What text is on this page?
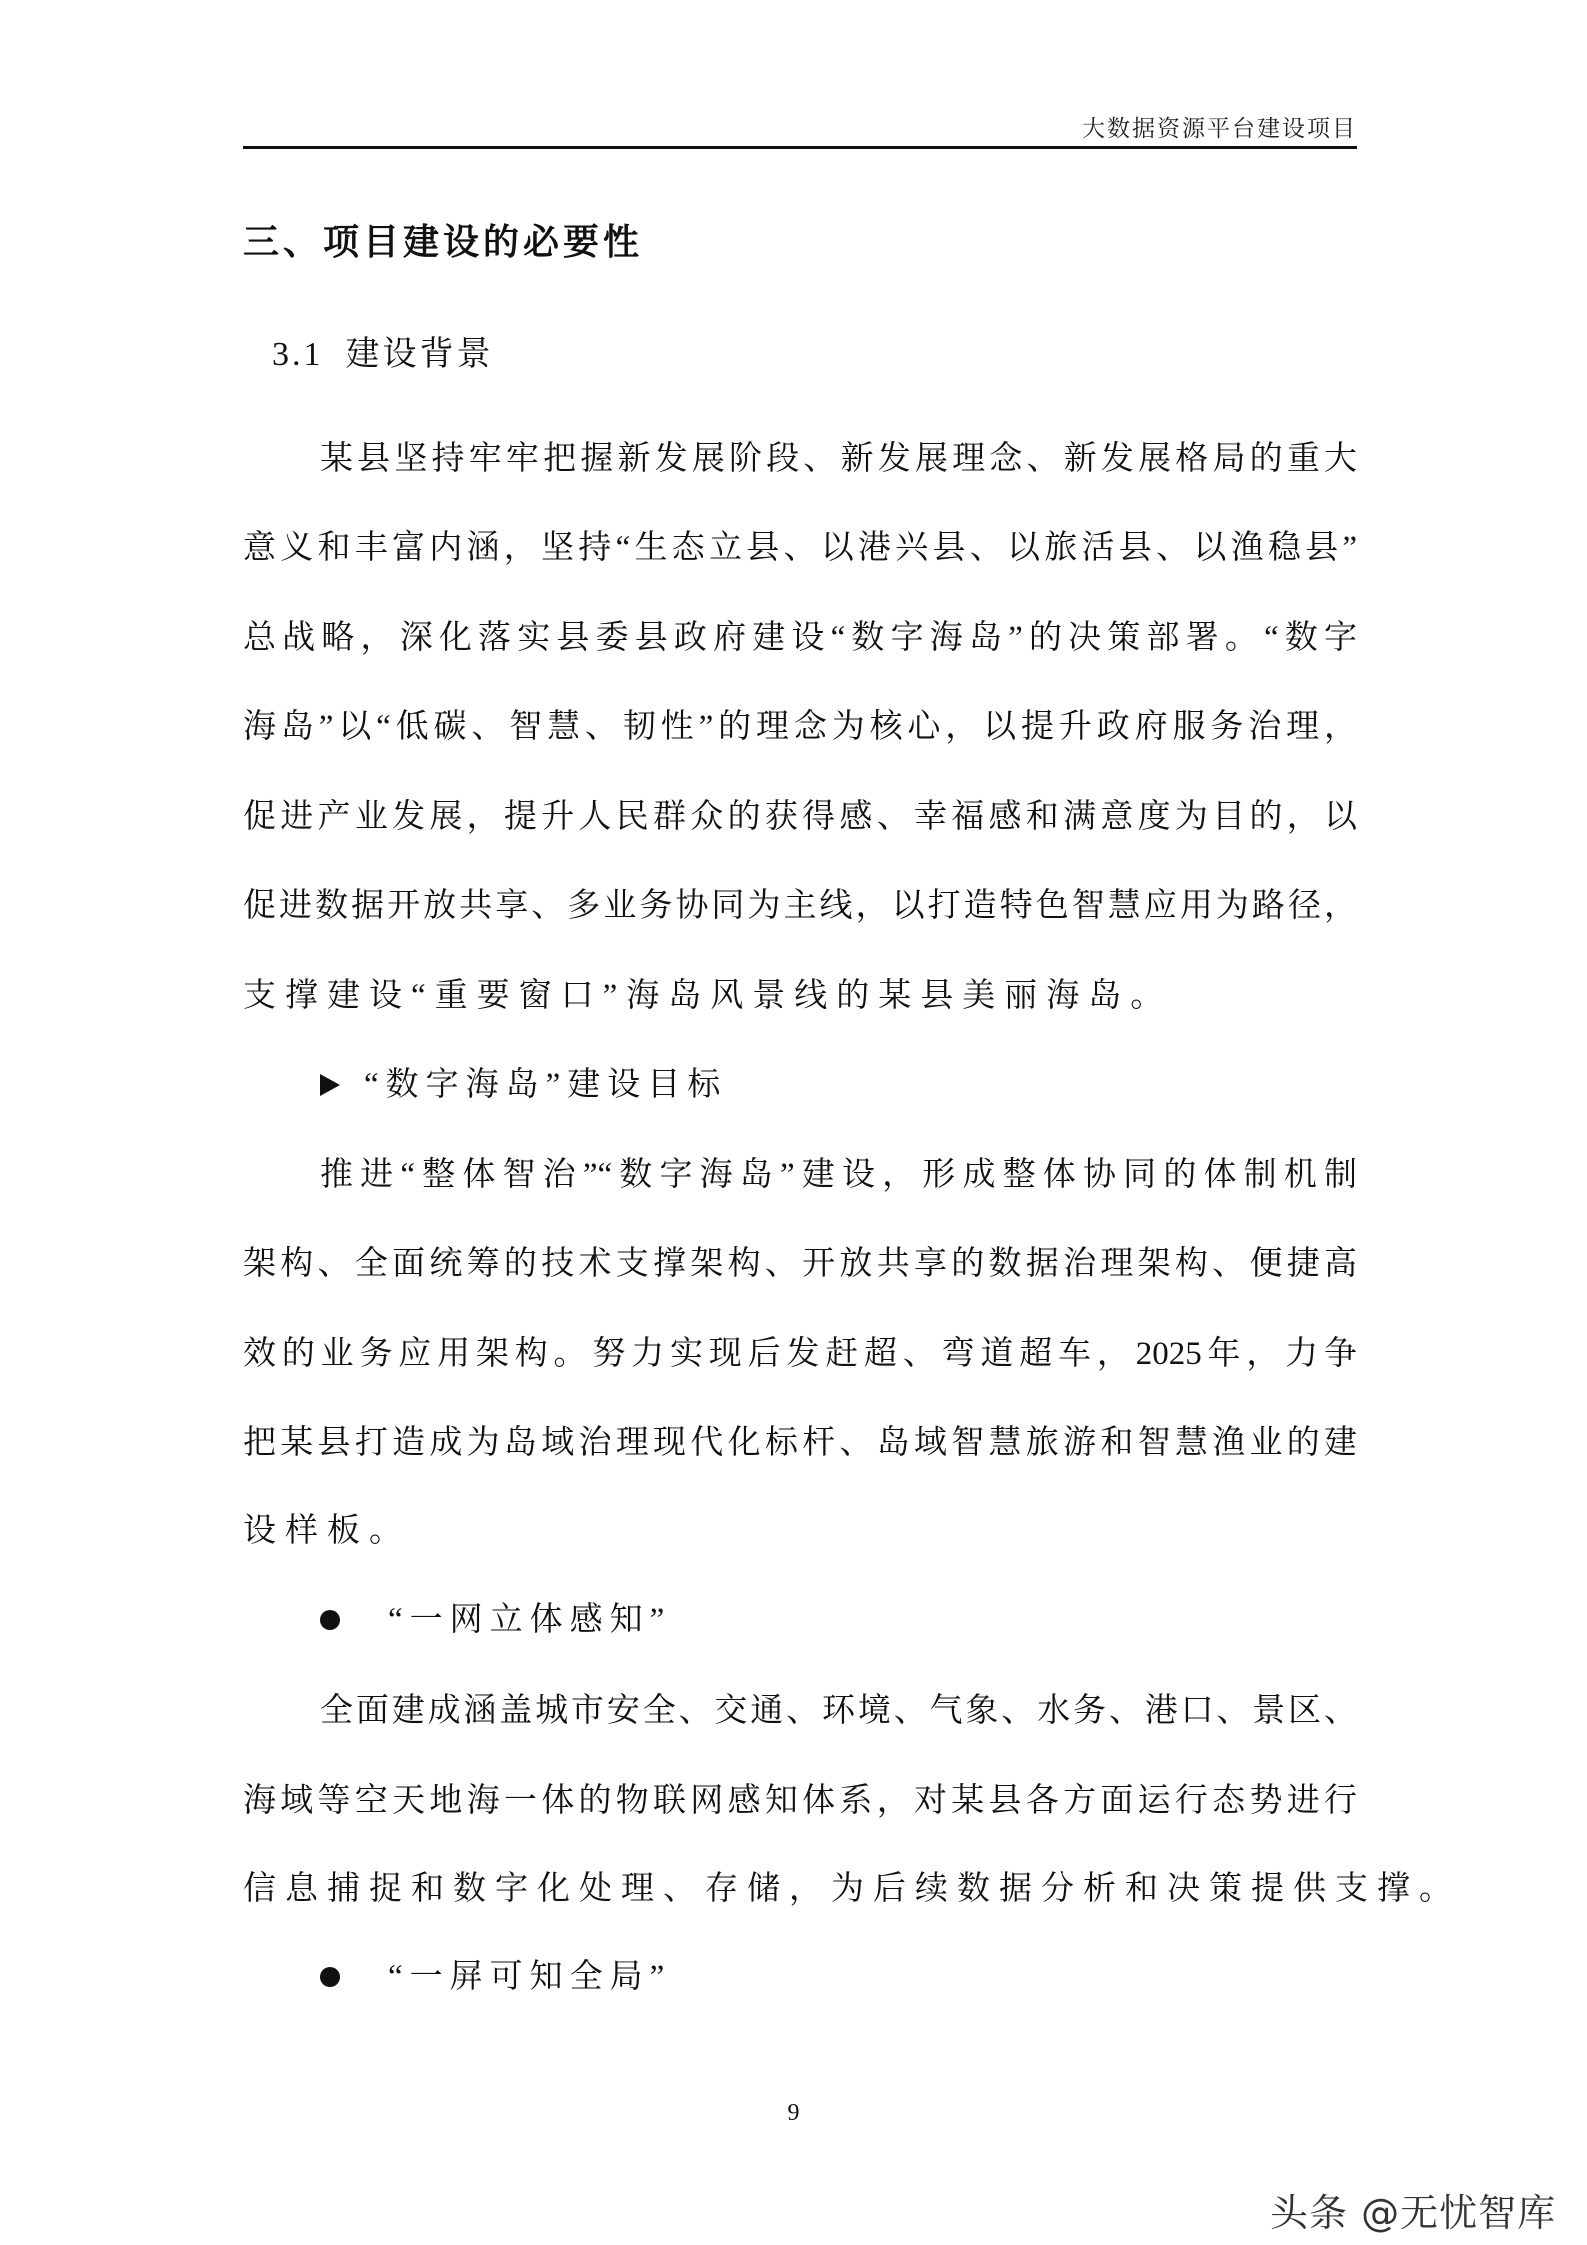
大数据资源平台建设项目
三、项目建设的必要性
3.1 建设背景
某县坚持牢牢把握新发展阶段、新发展理念、新发展格局的重大
意义和丰富内涵，坚持“生态立县、以港兴县、以旅活县、以渔稳县”
总战略，深化落实县委县政府建设“数字海岛”的决策部署。“数字
海岛”以“低碳、智慧、韧性”的理念为核心，以提升政府服务治理，
促进产业发展，提升人民群众的获得感、幸福感和满意度为目的，以
促进数据开放共享、多业务协同为主线，以打造特色智慧应用为路径，
支撑建设“重要窗口”海岛风景线的某县美丽海岛。
“数字海岛”建设目标
推进“整体智治”“数字海岛”建设，形成整体协同的体制机制
架构、全面统筹的技术支撑架构、开放共享的数据治理架构、便捷高
效的业务应用架构。努力实现后发赶超、弯道超车，2025年，力争
把某县打造成为岛域治理现代化标杆、岛域智慧旅游和智慧渔业的建
设样板。
“一网立体感知”
全面建成涵盖城市安全、交通、环境、气象、水务、港口、景区、
海域等空天地海一体的物联网感知体系，对某县各方面运行态势进行
信息捕捉和数字化处理、存储，为后续数据分析和决策提供支撑。
“一屏可知全局”
9
头条 @无忧智库
